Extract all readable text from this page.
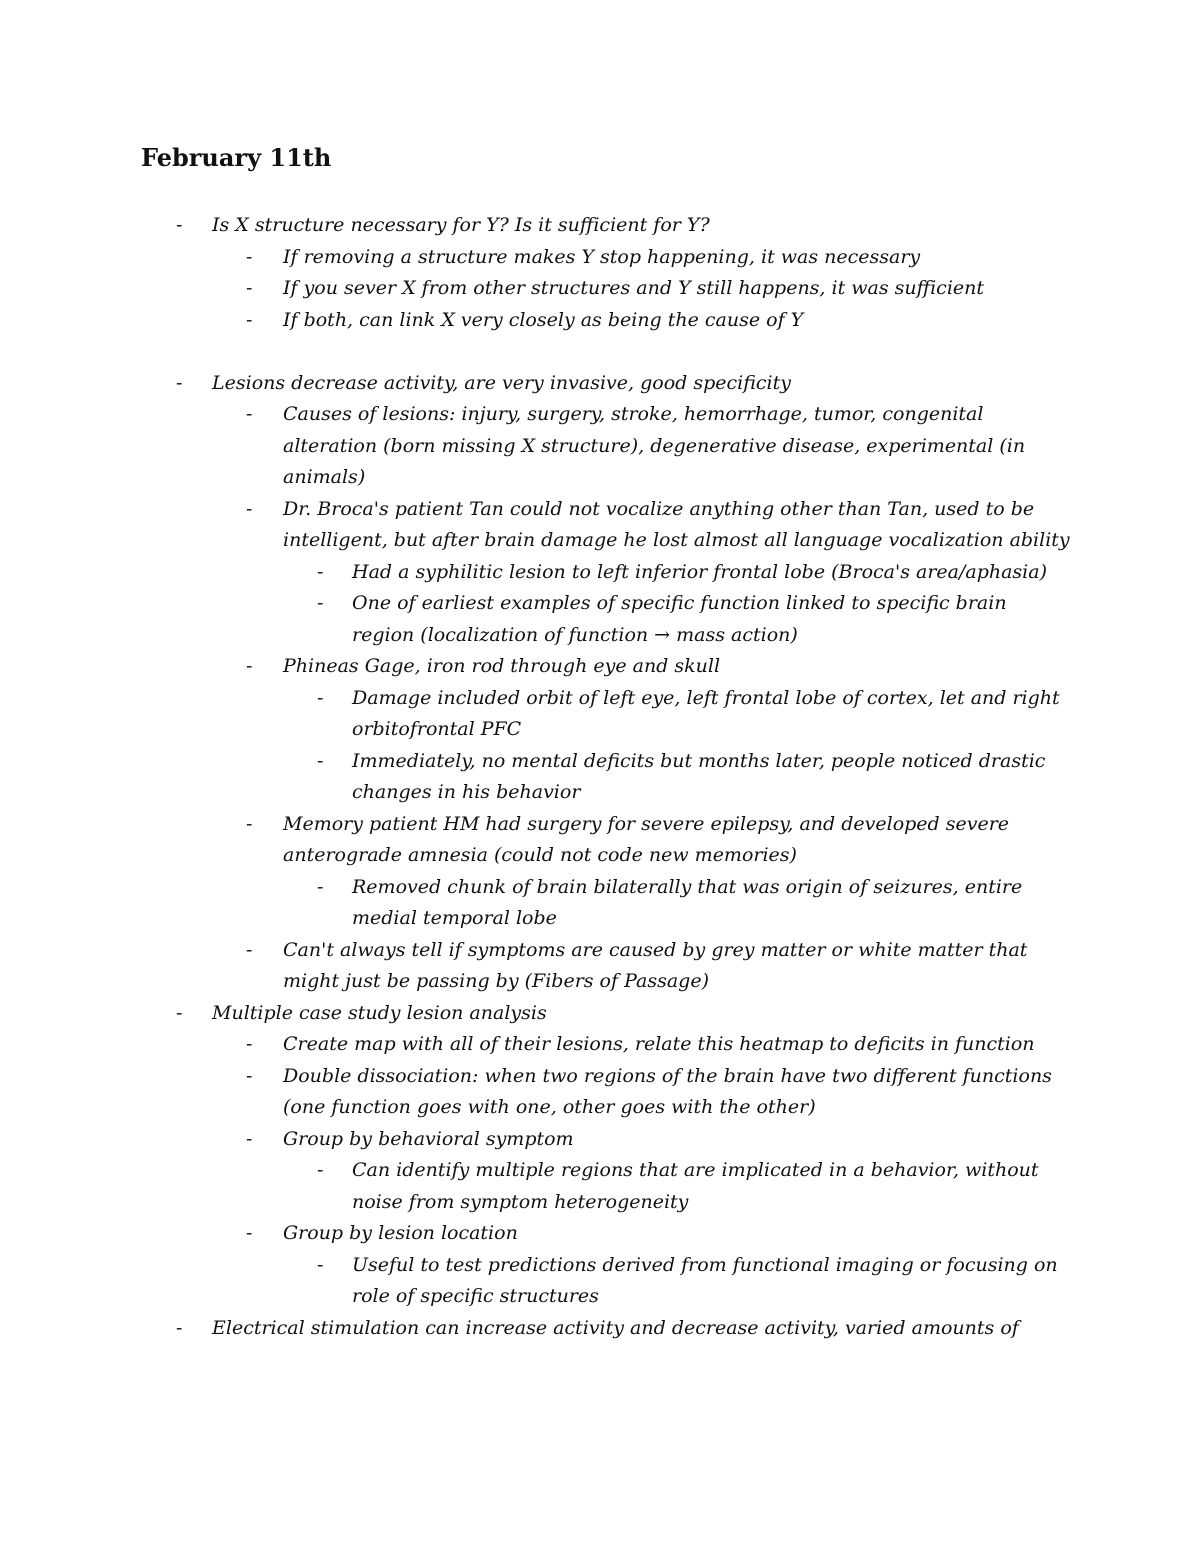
February 11th
- Is X structure necessary for Y? Is it sufficient for Y?
- If removing a structure makes Y stop happening, it was necessary
- If you sever X from other structures and Y still happens, it was sufficient
- If both, can link X very closely as being the cause of Y
- Lesions decrease activity, are very invasive, good specificity
- Causes of lesions: injury, surgery, stroke, hemorrhage, tumor, congenital alteration (born missing X structure), degenerative disease, experimental (in animals)
- Dr. Broca's patient Tan could not vocalize anything other than Tan, used to be intelligent, but after brain damage he lost almost all language vocalization ability
- Had a syphilitic lesion to left inferior frontal lobe (Broca's area/aphasia)
- One of earliest examples of specific function linked to specific brain region (localization of function → mass action)
- Phineas Gage, iron rod through eye and skull
- Damage included orbit of left eye, left frontal lobe of cortex, let and right orbitofrontal PFC
- Immediately, no mental deficits but months later, people noticed drastic changes in his behavior
- Memory patient HM had surgery for severe epilepsy, and developed severe anterograde amnesia (could not code new memories)
- Removed chunk of brain bilaterally that was origin of seizures, entire medial temporal lobe
- Can't always tell if symptoms are caused by grey matter or white matter that might just be passing by (Fibers of Passage)
- Multiple case study lesion analysis
- Create map with all of their lesions, relate this heatmap to deficits in function
- Double dissociation: when two regions of the brain have two different functions (one function goes with one, other goes with the other)
- Group by behavioral symptom
- Can identify multiple regions that are implicated in a behavior, without noise from symptom heterogeneity
- Group by lesion location
- Useful to test predictions derived from functional imaging or focusing on role of specific structures
- Electrical stimulation can increase activity and decrease activity, varied amounts of
